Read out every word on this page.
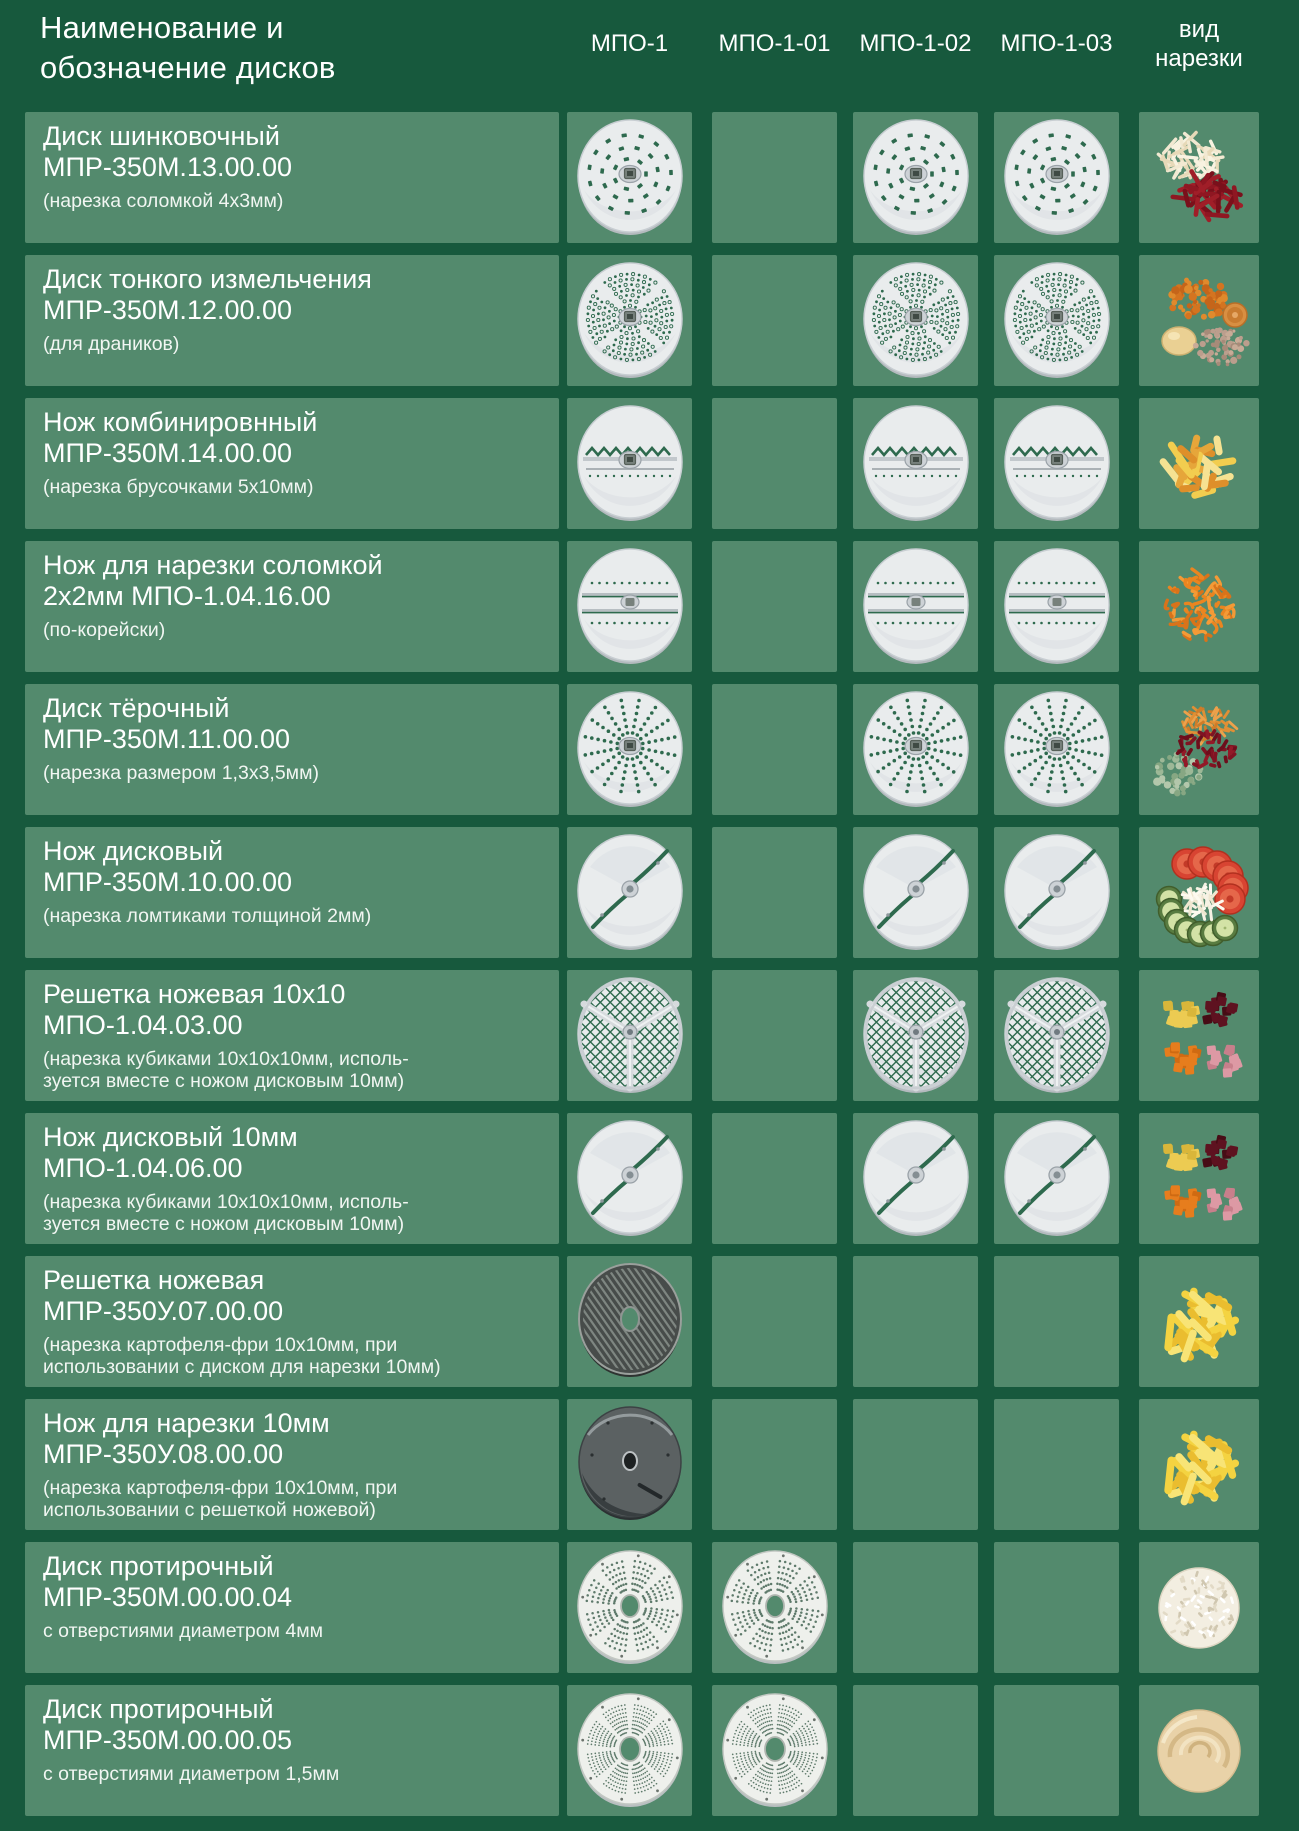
Наименование и
обозначение дисков
вид
нарезки
МПО-1	МПО-1-01 МПО-1-02 МПО-1-03
Диск шинковочный
МПР-350М.13.00.00
(нарезка соломкой 4х3мм)
Диск тонкого измельчения
МПР-350М.12.00.00
(для драников)
Нож комбинировнный
МПР-350М.14.00.00
(нарезка брусочками 5х10мм)
Нож для нарезки соломкой
2х2мм МПО-1.04.16.00
(по-корейски)
Диск тёрочный
МПР-350М.11.00.00
(нарезка размером 1,3х3,5мм)
Нож дисковый
МПР-350М.10.00.00
(нарезка ломтиками толщиной 2мм)
Решетка ножевая 10х10
МПО-1.04.03.00
(нарезка кубиками 10х10х10мм, исполь-
зуется вместе с ножом дисковым 10мм)
Нож дисковый 10мм
МПО-1.04.06.00
(нарезка кубиками 10х10х10мм, исполь-
зуется вместе с ножом дисковым 10мм)
Решетка ножевая
МПР-350У.07.00.00
(нарезка картофеля-фри 10х10мм, при
использовании с диском для нарезки 10мм)
Нож для нарезки 10мм
МПР-350У.08.00.00
(нарезка картофеля-фри 10х10мм, при
использовании с решеткой ножевой)
Диск протирочный
МПР-350М.00.00.04
с отверстиями диаметром 4мм
Диск протирочный
МПР-350М.00.00.05
с отверстиями диаметром 1,5мм
